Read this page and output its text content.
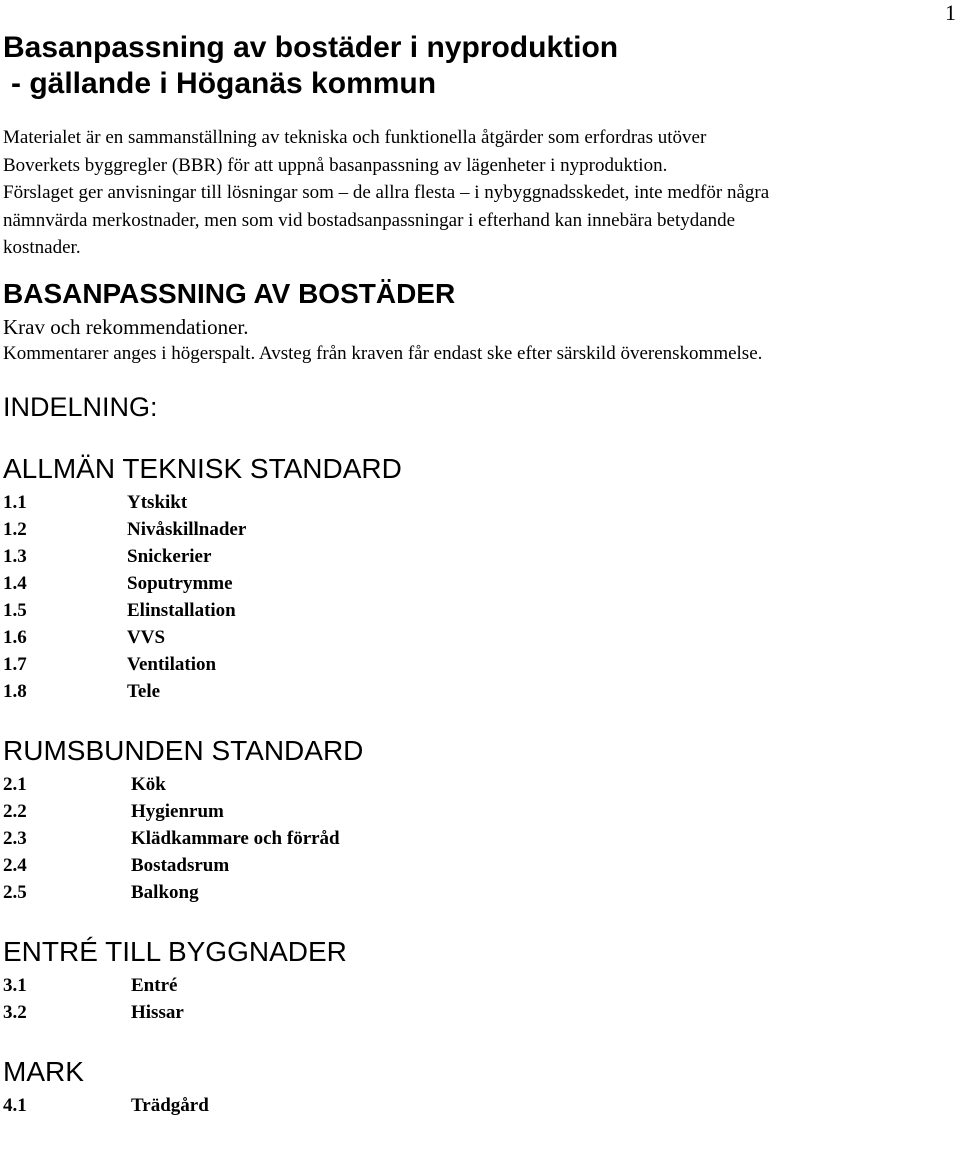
1
Basanpassning av bostäder i nyproduktion
- gällande i Höganäs kommun

Materialet är en sammanställning av tekniska och funktionella åtgärder som erfordras utöver

Boverkets byggregler (BBR) för att uppnå basanpassning av lägenheter i nyproduktion.

Förslaget ger anvisningar till lösningar som – de allra flesta – i nybyggnadsskedet, inte medför några

nämnvärda merkostnader, men som vid bostadsanpassningar i efterhand kan innebära betydande

kostnader.

BASANPASSNING AV BOSTÄDER

Krav och rekommendationer.

Kommentarer anges i högerspalt. Avsteg från kraven får endast ske efter särskild överenskommelse.

INDELNING:
ALLMÄN TEKNISK STANDARD
1.1	Ytskikt
1.2	Nivåskillnader
1.3	Snickerier
1.4	Soputrymme
1.5	Elinstallation
1.6	VVS
1.7	Ventilation
1.8	Tele
RUMSBUNDEN STANDARD
2.1	Kök
2.2	Hygienrum
2.3	Klädkammare och förråd
2.4	Bostadsrum
2.5	Balkong
ENTRÉ TILL BYGGNADER
3.1	Entré
3.2	Hissar
MARK
4.1	Trädgård
